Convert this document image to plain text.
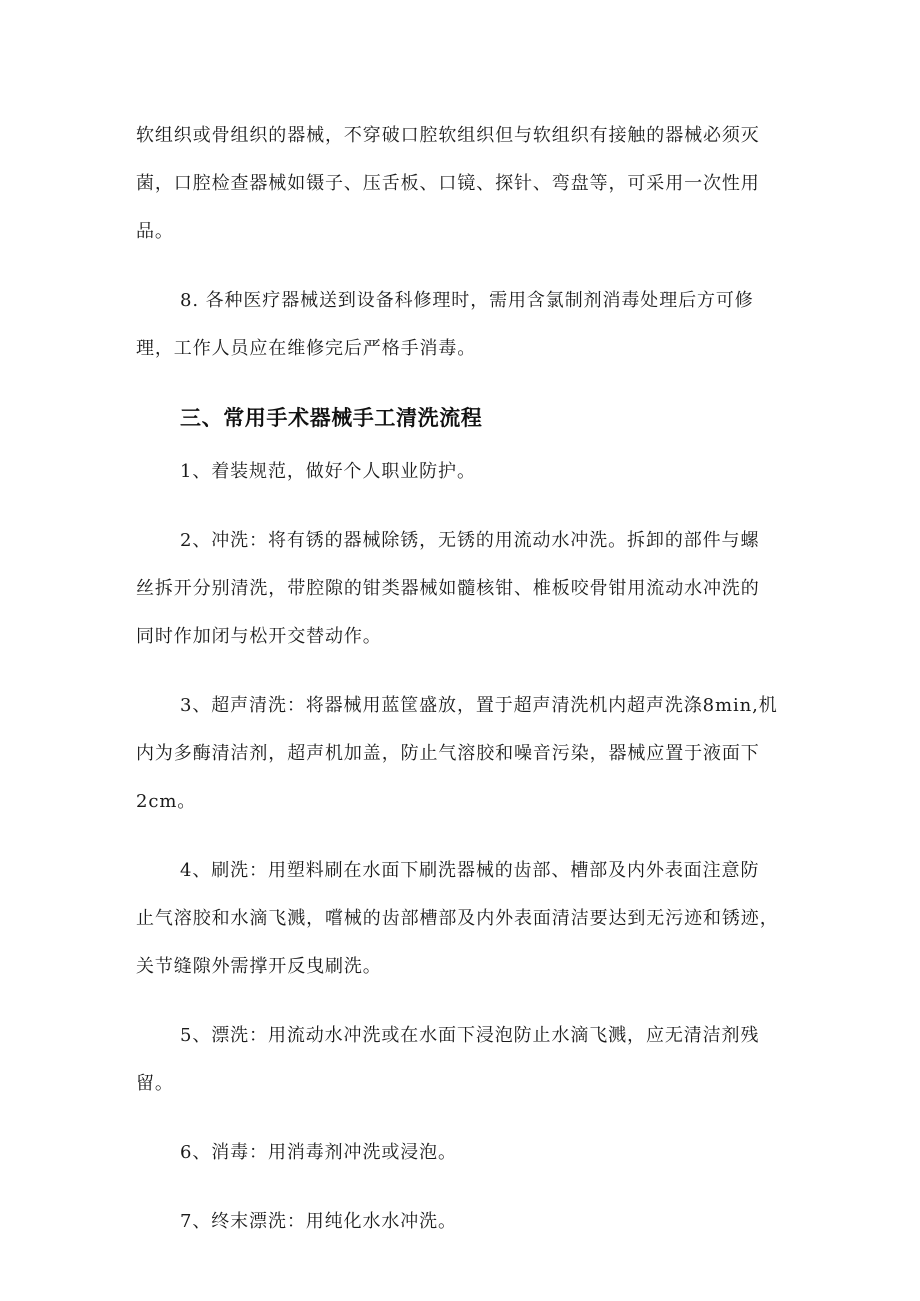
软组织或骨组织的器械，不穿破口腔软组织但与软组织有接触的器械必须灭
菌，口腔检查器械如镊子、压舌板、口镜、探针、弯盘等，可采用一次性用
品。

8. 各种医疗器械送到设备科修理时，需用含氯制剂消毒处理后方可修
理，工作人员应在维修完后严格手消毒。

三、常用手术器械手工清洗流程

1、着装规范，做好个人职业防护。

2、冲洗：将有锈的器械除锈，无锈的用流动水冲洗。拆卸的部件与螺
丝拆开分别清洗，带腔隙的钳类器械如髓核钳、椎板咬骨钳用流动水冲洗的
同时作加闭与松开交替动作。

3、超声清洗：将器械用蓝筐盛放，置于超声清洗机内超声洗涤8min,机
内为多酶清洁剂，超声机加盖，防止气溶胶和噪音污染，器械应置于液面下
2cm。

4、刷洗：用塑料刷在水面下刷洗器械的齿部、槽部及内外表面注意防
止气溶胶和水滴飞溅，嚐械的齿部槽部及内外表面清洁要达到无污迹和锈迹，
关节缝隙外需撑开反曳刷洗。

5、漂洗：用流动水冲洗或在水面下浸泡防止水滴飞溅，应无清洁剂残
留。

6、消毒：用消毒剂冲洗或浸泡。

7、终末漂洗：用纯化水水冲洗。
